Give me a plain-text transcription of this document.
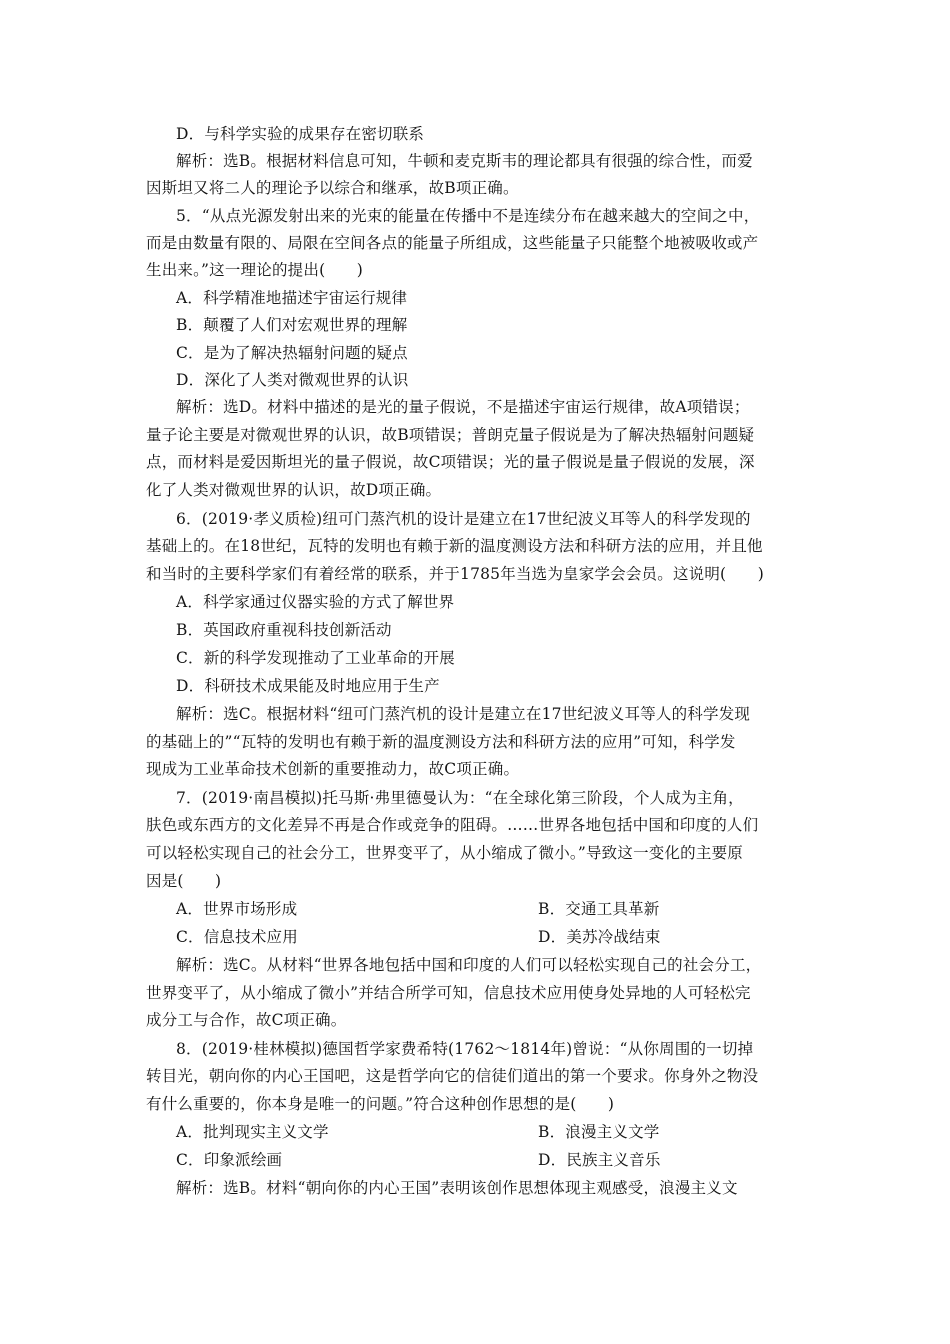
D．与科学实验的成果存在密切联系
解析：选B。根据材料信息可知，牛顿和麦克斯韦的理论都具有很强的综合性，而爱
因斯坦又将二人的理论予以综合和继承，故B项正确。
5．“从点光源发射出来的光束的能量在传播中不是连续分布在越来越大的空间之中，
而是由数量有限的、局限在空间各点的能量子所组成，这些能量子只能整个地被吸收或产
生出来。”这一理论的提出(　　)
A．科学精准地描述宇宙运行规律
B．颠覆了人们对宏观世界的理解
C．是为了解决热辐射问题的疑点
D．深化了人类对微观世界的认识
解析：选D。材料中描述的是光的量子假说，不是描述宇宙运行规律，故A项错误；
量子论主要是对微观世界的认识，故B项错误；普朗克量子假说是为了解决热辐射问题疑
点，而材料是爱因斯坦光的量子假说，故C项错误；光的量子假说是量子假说的发展，深
化了人类对微观世界的认识，故D项正确。
6．(2019·孝义质检)纽可门蒸汽机的设计是建立在17世纪波义耳等人的科学发现的
基础上的。在18世纪，瓦特的发明也有赖于新的温度测设方法和科研方法的应用，并且他
和当时的主要科学家们有着经常的联系，并于1785年当选为皇家学会会员。这说明(　　)
A．科学家通过仪器实验的方式了解世界
B．英国政府重视科技创新活动
C．新的科学发现推动了工业革命的开展
D．科研技术成果能及时地应用于生产
解析：选C。根据材料“纽可门蒸汽机的设计是建立在17世纪波义耳等人的科学发现
的基础上的”“瓦特的发明也有赖于新的温度测设方法和科研方法的应用”可知，科学发
现成为工业革命技术创新的重要推动力，故C项正确。
7．(2019·南昌模拟)托马斯·弗里德曼认为：“在全球化第三阶段，个人成为主角，
肤色或东西方的文化差异不再是合作或竞争的阻碍。……世界各地包括中国和印度的人们
可以轻松实现自己的社会分工，世界变平了，从小缩成了微小。”导致这一变化的主要原
因是(　　)
A．世界市场形成	B．交通工具革新
C．信息技术应用	D．美苏冷战结束
解析：选C。从材料“世界各地包括中国和印度的人们可以轻松实现自己的社会分工，
世界变平了，从小缩成了微小”并结合所学可知，信息技术应用使身处异地的人可轻松完
成分工与合作，故C项正确。
8．(2019·桂林模拟)德国哲学家费希特(1762～1814年)曾说：“从你周围的一切掉
转目光，朝向你的内心王国吧，这是哲学向它的信徒们道出的第一个要求。你身外之物没
有什么重要的，你本身是唯一的问题。”符合这种创作思想的是(　　)
A．批判现实主义文学	B．浪漫主义文学
C．印象派绘画	D．民族主义音乐
解析：选B。材料“朝向你的内心王国”表明该创作思想体现主观感受，浪漫主义文
